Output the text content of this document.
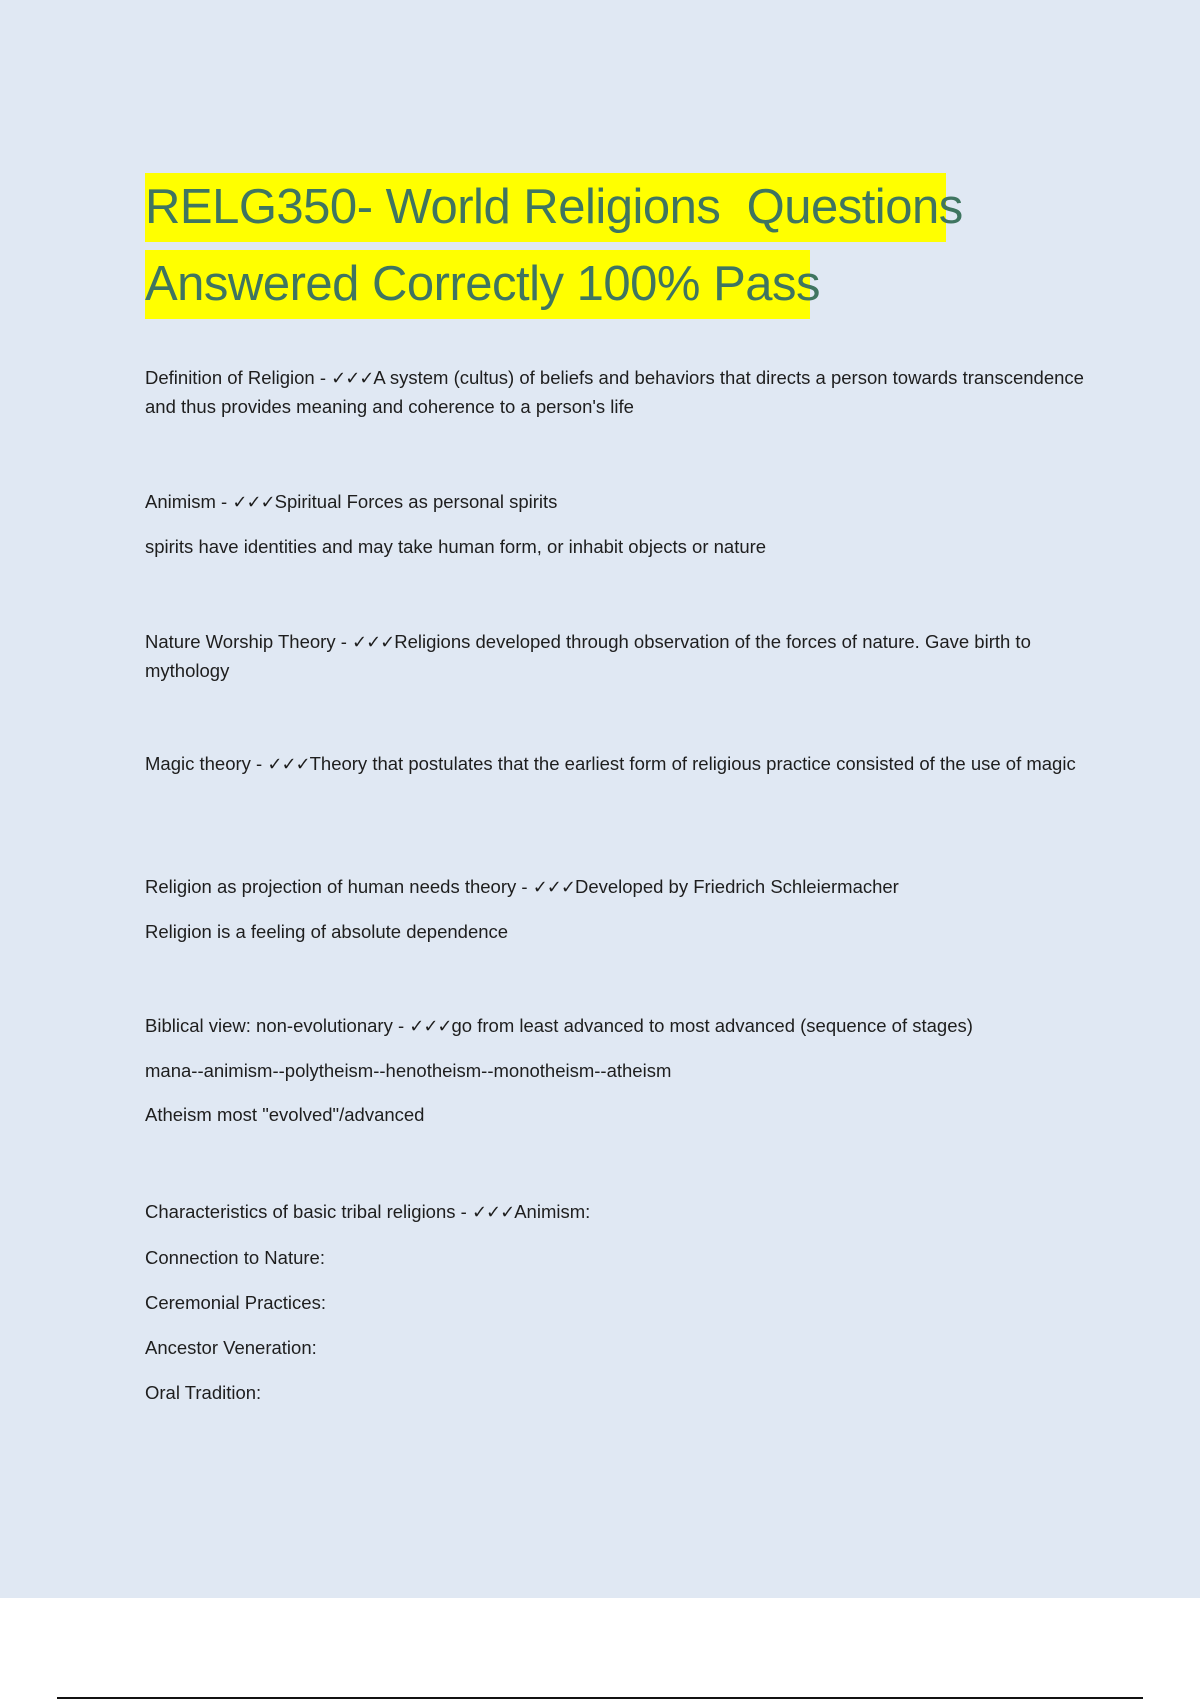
RELG350- World Religions  Questions
Answered Correctly 100% Pass

Definition of Religion - ✓✓✓A system (cultus) of beliefs and behaviors that directs a person towards transcendence and thus provides meaning and coherence to a person's life

Animism - ✓✓✓Spiritual Forces as personal spirits

spirits have identities and may take human form, or inhabit objects or nature

Nature Worship Theory - ✓✓✓Religions developed through observation of the forces of nature. Gave birth to mythology

Magic theory - ✓✓✓Theory that postulates that the earliest form of religious practice consisted of the use of magic

Religion as projection of human needs theory - ✓✓✓Developed by Friedrich Schleiermacher

Religion is a feeling of absolute dependence

Biblical view: non-evolutionary - ✓✓✓go from least advanced to most advanced (sequence of stages)

mana--animism--polytheism--henotheism--monotheism--atheism

Atheism most "evolved"/advanced

Characteristics of basic tribal religions - ✓✓✓Animism:

Connection to Nature:

Ceremonial Practices:

Ancestor Veneration:

Oral Tradition:
